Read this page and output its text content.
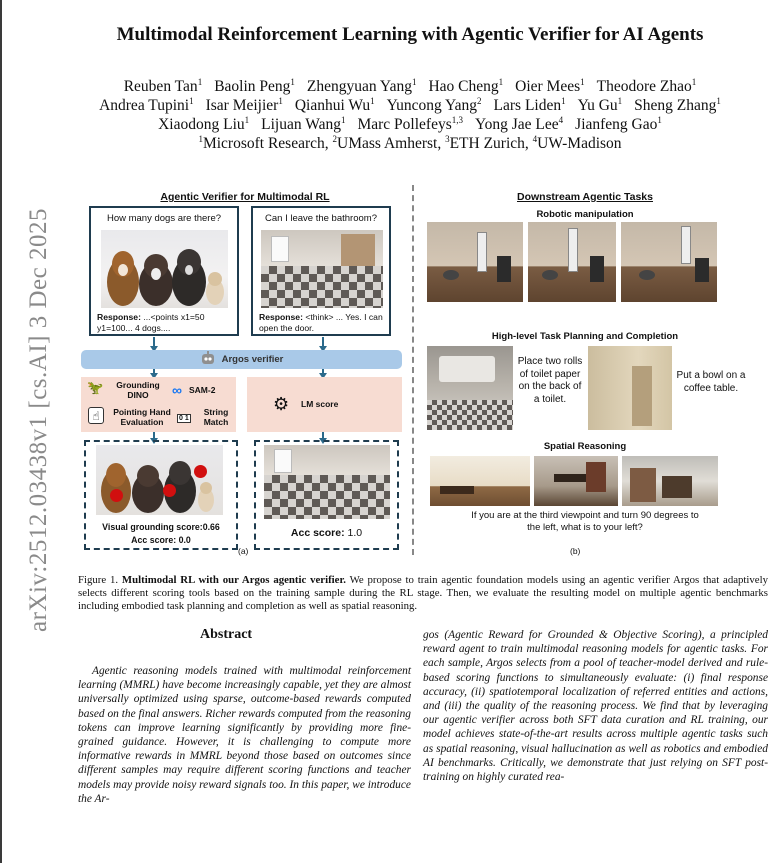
arXiv:2512.03438v1 [cs.AI] 3 Dec 2025
Multimodal Reinforcement Learning with Agentic Verifier for AI Agents
Reuben Tan$^1$ Baolin Peng$^1$ Zhengyuan Yang$^1$ Hao Cheng$^1$ Oier Mees$^1$ Theodore Zhao$^1$
Andrea Tupini$^1$ Isar Meijier$^1$ Qianhui Wu$^1$ Yuncong Yang$^2$ Lars Liden$^1$ Yu Gu$^1$ Sheng Zhang$^1$
Xiaodong Liu$^1$ Lijuan Wang$^1$ Marc Pollefeys$^{1,3}$ Yong Jae Lee$^4$ Jianfeng Gao$^1$
$^1$Microsoft Research, $^2$UMass Amherst, $^3$ETH Zurich, $^4$UW-Madison
Agentic Verifier for Multimodal RL	Downstream Agentic Tasks
How many dogs are there?
Response: ...<points x1=50 y1=100... 4 dogs....
Can I leave the bathroom?
Response: <think> ... Yes. I can open the door.
Argos verifier
🦖	Grounding DINO	∞ SAM-2
☝	Pointing Hand Evaluation	0 1
String Match
⚙ LM score
Visual grounding score:0.66
Acc score: 0.0
(a)
Acc score: 1.0
Robotic manipulation
High-level Task Planning and Completion
Place two rolls of toilet paper on the back of a toilet.
Put a bowl on a coffee table.
Spatial Reasoning
If you are at the third viewpoint and turn 90 degrees to the left, what is to your left?
(b)
Figure 1. Multimodal RL with our Argos agentic verifier. We propose to train agentic foundation models using an agentic verifier Argos that adaptively selects different scoring tools based on the training sample during the RL stage. Then, we evaluate the resulting model on multiple agentic benchmarks including embodied task planning and completion as well as spatial reasoning.
Abstract
Agentic reasoning models trained with multimodal reinforcement learning (MMRL) have become increasingly capable, yet they are almost universally optimized using sparse, outcome-based rewards computed based on the final answers. Richer rewards computed from the reasoning tokens can improve learning significantly by providing more fine-grained guidance. However, it is challenging to compute more informative rewards in MMRL beyond those based on outcomes since different samples may require different scoring functions and teacher models may provide noisy reward signals too. In this paper, we introduce the Ar-
gos (Agentic Reward for Grounded & Objective Scoring), a principled reward agent to train multimodal reasoning models for agentic tasks. For each sample, Argos selects from a pool of teacher-model derived and rule-based scoring functions to simultaneously evaluate: (i) final response accuracy, (ii) spatiotemporal localization of referred entities and actions, and (iii) the quality of the reasoning process. We find that by leveraging our agentic verifier across both SFT data curation and RL training, our model achieves state-of-the-art results across multiple agentic tasks such as spatial reasoning, visual hallucination as well as robotics and embodied AI benchmarks. Critically, we demonstrate that just relying on SFT post-training on highly curated rea-
